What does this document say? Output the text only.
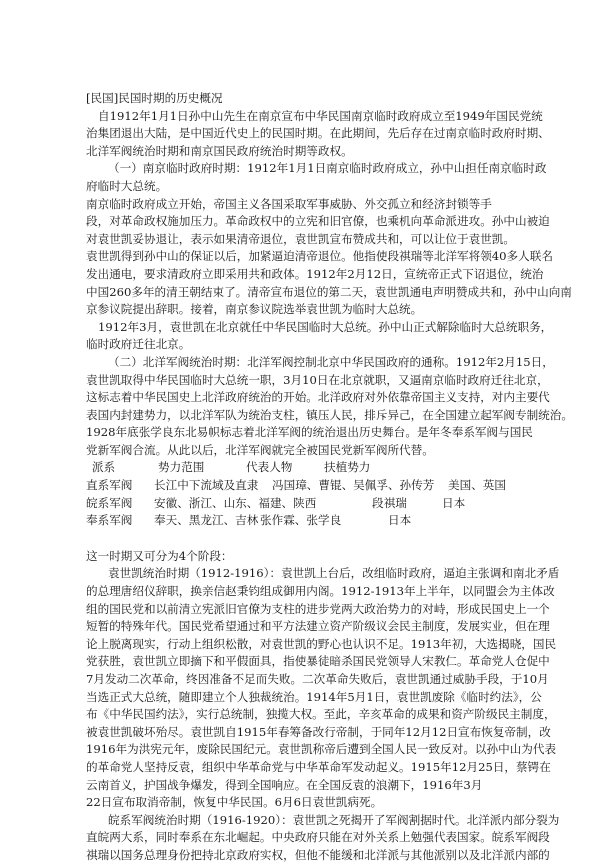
[民国]民国时期的历史概况
自1912年1月1日孙中山先生在南京宣布中华民国南京临时政府成立至1949年国民党统
治集团退出大陆，是中国近代史上的民国时期。在此期间，先后存在过南京临时政府时期、
北洋军阀统治时期和南京国民政府统治时期等政权。
（一）南京临时政府时期：1912年1月1日南京临时政府成立，孙中山担任南京临时政
府临时大总统。
南京临时政府成立开始，帝国主义各国采取军事威胁、外交孤立和经济封锁等手
段，对革命政权施加压力。革命政权中的立宪和旧官僚，也乘机向革命派进攻。孙中山被迫
对袁世凯妥协退让，表示如果清帝退位，袁世凯宣布赞成共和，可以让位于袁世凯。
袁世凯得到孙中山的保证以后，加紧逼迫清帝退位。他指使段祺瑞等北洋军将领40多人联名
发出通电，要求清政府立即采用共和政体。1912年2月12日，宣统帝正式下诏退位，统治
中国260多年的清王朝结束了。清帝宣布退位的第二天，袁世凯通电声明赞成共和，孙中山向南
京参议院提出辞职。接着，南京参议院选举袁世凯为临时大总统。
1912年3月，袁世凯在北京就任中华民国临时大总统。孙中山正式解除临时大总统职务，
临时政府迁往北京。
（二）北洋军阀统治时期：北洋军阀控制北京中华民国政府的通称。1912年2月15日，
袁世凯取得中华民国临时大总统一职，3月10日在北京就职，又逼南京临时政府迁往北京，
这标志着中华民国史上北洋政府统治的开始。北洋政府对外依靠帝国主义支持，对内主要代
表国内封建势力，以北洋军队为统治支柱，镇压人民，排斥异己，在全国建立起军阀专制统治。
1928年底张学良东北易帜标志着北洋军阀的统治退出历史舞台。是年冬奉系军阀与国民
党新军阀合流。从此以后，北洋军阀就完全被国民党新军阀所代替。
派系	势力范围	代表人物	扶植势力
直系军阀 长江中下流域及直隶 冯国璋、曹锟、吴佩孚、孙传芳 美国、英国
皖系军阀 安徽、浙江、山东、福建、陕西	段祺瑞	日本
奉系军阀 奉天、黑龙江、吉林 张作霖、张学良	日本
这一时期又可分为4个阶段：
袁世凯统治时期（1912-1916）：袁世凯上台后，改组临时政府，逼迫主张调和南北矛盾
的总理唐绍仪辞职，换亲信赵秉钧组成御用内阁。1912-1913年上半年，以同盟会为主体改
组的国民党和以前清立宪派旧官僚为支柱的进步党两大政治势力的对峙，形成民国史上一个
短暂的特殊年代。国民党希望通过和平方法建立资产阶级议会民主制度，发展实业，但在理
论上脱离现实，行动上组织松散，对袁世凯的野心也认识不足。1913年初，大选揭晓，国民
党获胜，袁世凯立即摘下和平假面具，指使暴徒暗杀国民党领导人宋教仁。革命党人仓促中
7月发动二次革命，终因准备不足而失败。二次革命失败后，袁世凯通过威胁手段，于10月
当选正式大总统，随即建立个人独裁统治。1914年5月1日，袁世凯废除《临时约法》，公
布《中华民国约法》，实行总统制，独揽大权。至此，辛亥革命的成果和资产阶级民主制度，
被袁世凯破坏殆尽。袁世凯自1915年春筹备改行帝制，于同年12月12日宣布恢复帝制，改
1916年为洪宪元年，废除民国纪元。袁世凯称帝后遭到全国人民一致反对。以孙中山为代表
的革命党人坚持反袁，组织中华革命党与中华革命军发动起义。1915年12月25日，蔡锷在
云南首义，护国战争爆发，得到全国响应。在全国反袁的浪潮下，1916年3月
22日宣布取消帝制，恢复中华民国。6月6日袁世凯病死。
皖系军阀统治时期（1916-1920）：袁世凯之死揭开了军阀割据时代。北洋派内部分裂为
直皖两大系，同时奉系在东北崛起。中央政府只能在对外关系上勉强代表国家。皖系军阀段
祺瑞以国务总理身份把持北京政府实权，但他不能缓和北洋派与其他派别以及北洋派内部的
